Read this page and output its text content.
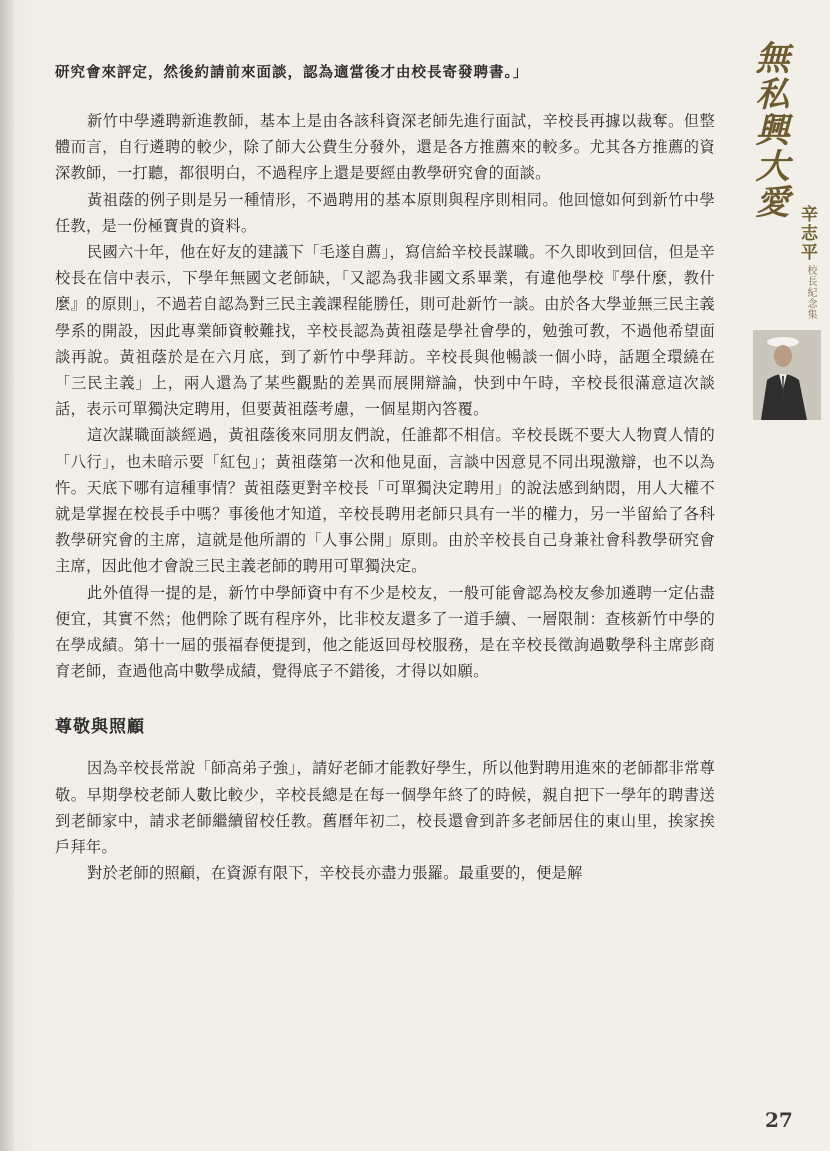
無私興大愛
辛志平
校長紀念集

研究會來評定，然後約請前來面談，認為適當後才由校長寄發聘書。」

新竹中學遴聘新進教師，基本上是由各該科資深老師先進行面試，辛校長再據以裁奪。但整體而言，自行遴聘的較少，除了師大公費生分發外，還是各方推薦來的較多。尤其各方推薦的資深教師，一打聽，都很明白，不過程序上還是要經由教學研究會的面談。

黃祖蔭的例子則是另一種情形，不過聘用的基本原則與程序則相同。他回憶如何到新竹中學任教，是一份極寶貴的資料。

民國六十年，他在好友的建議下「毛遂自薦」，寫信給辛校長謀職。不久即收到回信，但是辛校長在信中表示，下學年無國文老師缺，「又認為我非國文系畢業，有違他學校『學什麼，教什麼』的原則」，不過若自認為對三民主義課程能勝任，則可赴新竹一談。由於各大學並無三民主義學系的開設，因此專業師資較難找，辛校長認為黃祖蔭是學社會學的，勉強可教，不過他希望面談再說。黃祖蔭於是在六月底，到了新竹中學拜訪。辛校長與他暢談一個小時，話題全環繞在「三民主義」上，兩人還為了某些觀點的差異而展開辯論，快到中午時，辛校長很滿意這次談話，表示可單獨決定聘用，但要黃祖蔭考慮，一個星期內答覆。

這次謀職面談經過，黃祖蔭後來同朋友們說，任誰都不相信。辛校長既不要大人物賣人情的「八行」，也未暗示要「紅包」；黃祖蔭第一次和他見面，言談中因意見不同出現激辯，也不以為忤。天底下哪有這種事情？黃祖蔭更對辛校長「可單獨決定聘用」的說法感到納悶，用人大權不就是掌握在校長手中嗎？事後他才知道，辛校長聘用老師只具有一半的權力，另一半留給了各科教學研究會的主席，這就是他所謂的「人事公開」原則。由於辛校長自己身兼社會科教學研究會主席，因此他才會說三民主義老師的聘用可單獨決定。

此外值得一提的是，新竹中學師資中有不少是校友，一般可能會認為校友參加遴聘一定佔盡便宜，其實不然；他們除了既有程序外，比非校友還多了一道手續、一層限制：查核新竹中學的在學成績。第十一屆的張福春便提到，他之能返回母校服務，是在辛校長徵詢過數學科主席彭商育老師，查過他高中數學成績，覺得底子不錯後，才得以如願。

尊敬與照顧

因為辛校長常說「師高弟子強」，請好老師才能教好學生，所以他對聘用進來的老師都非常尊敬。早期學校老師人數比較少，辛校長總是在每一個學年終了的時候，親自把下一學年的聘書送到老師家中，請求老師繼續留校任教。舊曆年初二，校長還會到許多老師居住的東山里，挨家挨戶拜年。

對於老師的照顧，在資源有限下，辛校長亦盡力張羅。最重要的，便是解

27
